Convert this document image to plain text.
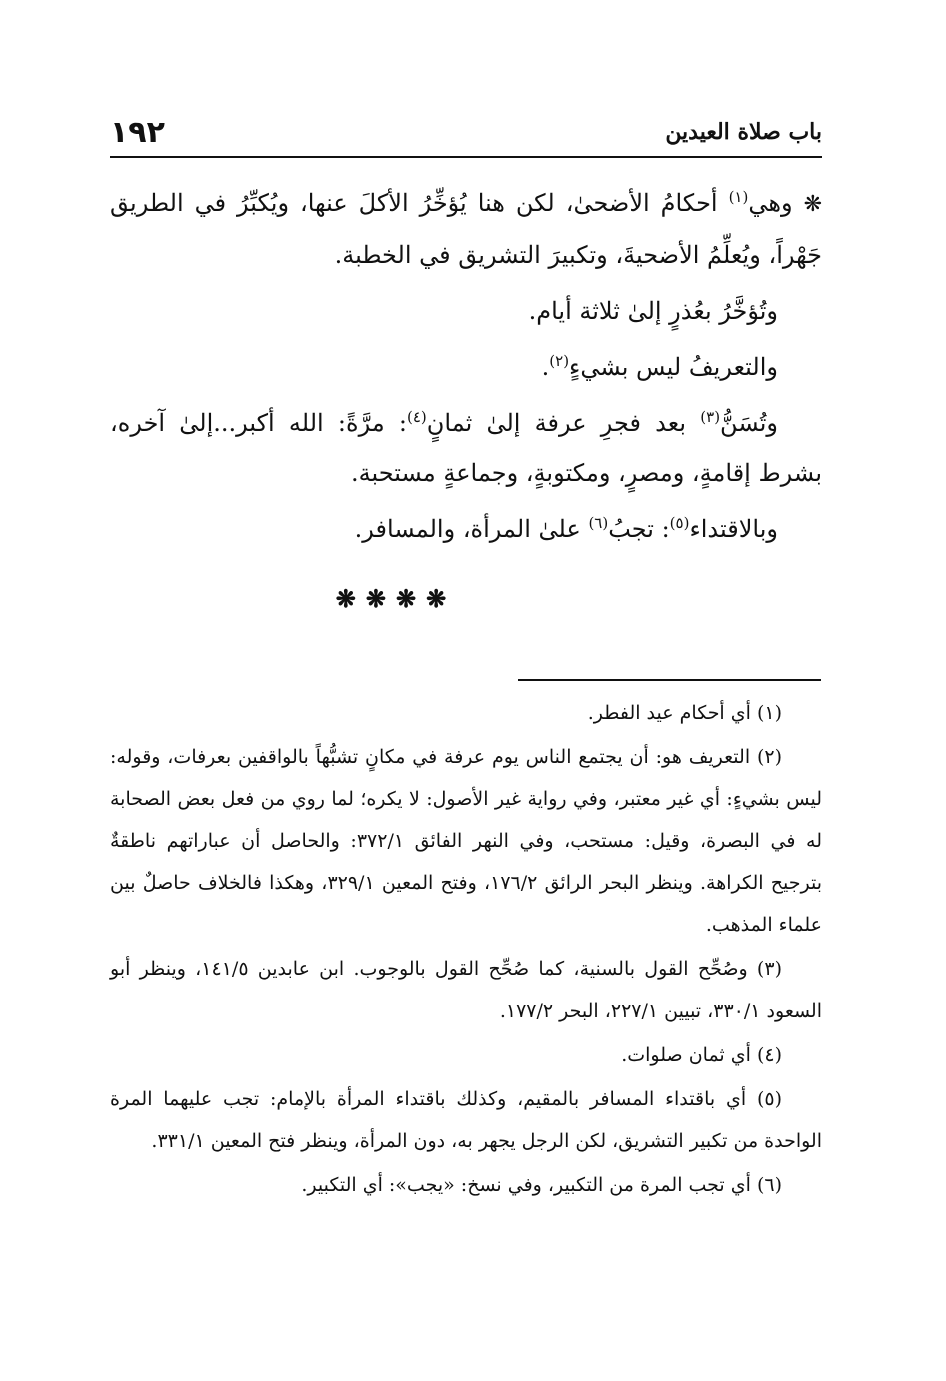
باب صلاة العيدين
١٩٢

❋ وهي$^{(١)}$ أحكامُ الأضحىٰ، لكن هنا يُؤخِّرُ الأكلَ عنها، ويُكبِّرُ في الطريق جَهْراً، ويُعلِّمُ الأضحيةَ، وتكبيرَ التشريق في الخطبة.

وتُؤخَّرُ بعُذرٍ إلىٰ ثلاثة أيام.

والتعريفُ ليس بشيءٍ$^{(٢)}$.

وتُسَنُّ$^{(٣)}$ بعد فجرِ عرفة إلىٰ ثمانٍ$^{(٤)}$: مرَّةً: الله أكبر...إلىٰ آخره، بشرط إقامةٍ، ومصرٍ، ومكتوبةٍ، وجماعةٍ مستحبة.

وبالاقتداء$^{(٥)}$: تجبُ$^{(٦)}$ علىٰ المرأة، والمسافر.

❋❋❋❋

(١) أي أحكام عيد الفطر.

(٢) التعريف هو: أن يجتمع الناس يوم عرفة في مكانٍ تشبُّهاً بالواقفين بعرفات، وقوله: ليس بشيءٍ: أي غير معتبر، وفي رواية غير الأصول: لا يكره؛ لما روي من فعل بعض الصحابة له في البصرة، وقيل: مستحب، وفي النهر الفائق ٣٧٢/١: والحاصل أن عباراتهم ناطقةٌ بترجيح الكراهة. وينظر البحر الرائق ١٧٦/٢، وفتح المعين ٣٢٩/١، وهكذا فالخلاف حاصلٌ بين علماء المذهب.

(٣) وصُحِّح القول بالسنية، كما صُحِّح القول بالوجوب. ابن عابدين ١٤١/٥، وينظر أبو السعود ٣٣٠/١، تبيين ٢٢٧/١، البحر ١٧٧/٢.

(٤) أي ثمان صلوات.

(٥) أي باقتداء المسافر بالمقيم، وكذلك باقتداء المرأة بالإمام: تجب عليهما المرة الواحدة من تكبير التشريق، لكن الرجل يجهر به، دون المرأة، وينظر فتح المعين ٣٣١/١.

(٦) أي تجب المرة من التكبير، وفي نسخ: «يجب»: أي التكبير.
